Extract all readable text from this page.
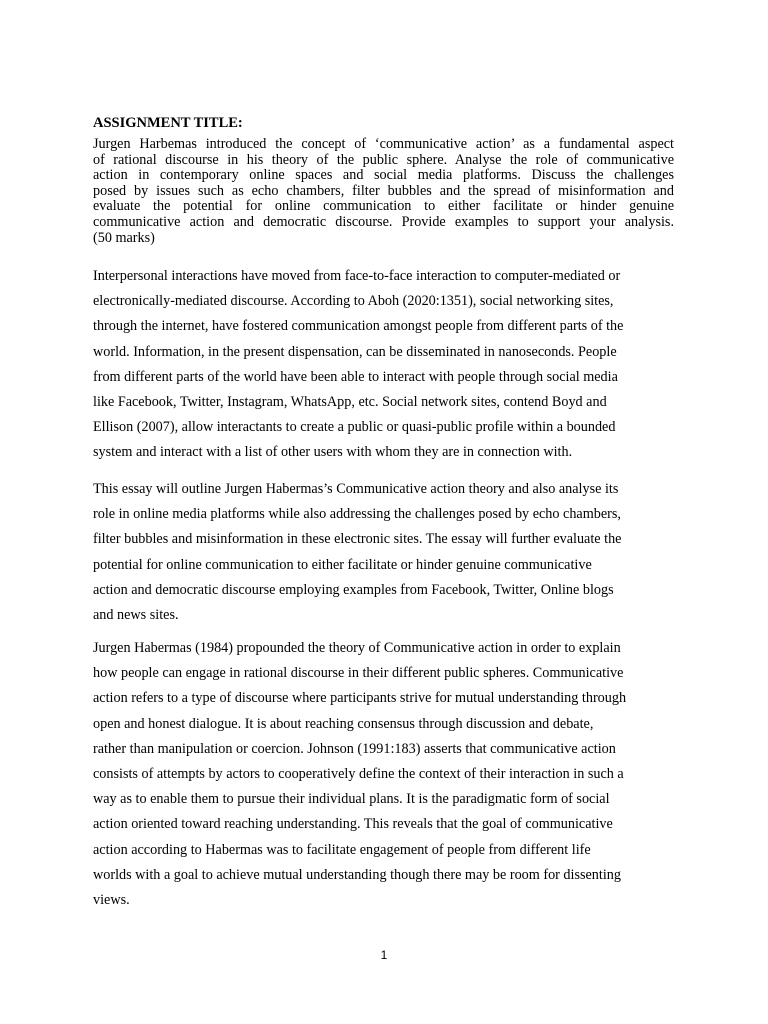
ASSIGNMENT TITLE:
Jurgen Harbemas introduced the concept of ‘communicative action’ as a fundamental aspect
of rational discourse in his theory of the public sphere. Analyse the role of communicative
action in contemporary online spaces and social media platforms. Discuss the challenges
posed by issues such as echo chambers, filter bubbles and the spread of misinformation and
evaluate the potential for online communication to either facilitate or hinder genuine
communicative action and democratic discourse. Provide examples to support your analysis.
(50 marks)
Interpersonal interactions have moved from face-to-face interaction to computer-mediated or
electronically-mediated discourse. According to Aboh (2020:1351), social networking sites,
through the internet, have fostered communication amongst people from different parts of the
world. Information, in the present dispensation, can be disseminated in nanoseconds. People
from different parts of the world have been able to interact with people through social media
like Facebook, Twitter, Instagram, WhatsApp, etc. Social network sites, contend Boyd and
Ellison (2007), allow interactants to create a public or quasi-public profile within a bounded
system and interact with a list of other users with whom they are in connection with.
This essay will outline Jurgen Habermas’s Communicative action theory and also analyse its
role in online media platforms while also addressing the challenges posed by echo chambers,
filter bubbles and misinformation in these electronic sites. The essay will further evaluate the
potential for online communication to either facilitate or hinder genuine communicative
action and democratic discourse employing examples from Facebook, Twitter, Online blogs
and news sites.
Jurgen Habermas (1984) propounded the theory of Communicative action in order to explain
how people can engage in rational discourse in their different public spheres. Communicative
action refers to a type of discourse where participants strive for mutual understanding through
open and honest dialogue. It is about reaching consensus through discussion and debate,
rather than manipulation or coercion. Johnson (1991:183) asserts that communicative action
consists of attempts by actors to cooperatively define the context of their interaction in such a
way as to enable them to pursue their individual plans. It is the paradigmatic form of social
action oriented toward reaching understanding. This reveals that the goal of communicative
action according to Habermas was to facilitate engagement of people from different life
worlds with a goal to achieve mutual understanding though there may be room for dissenting
views.
1
